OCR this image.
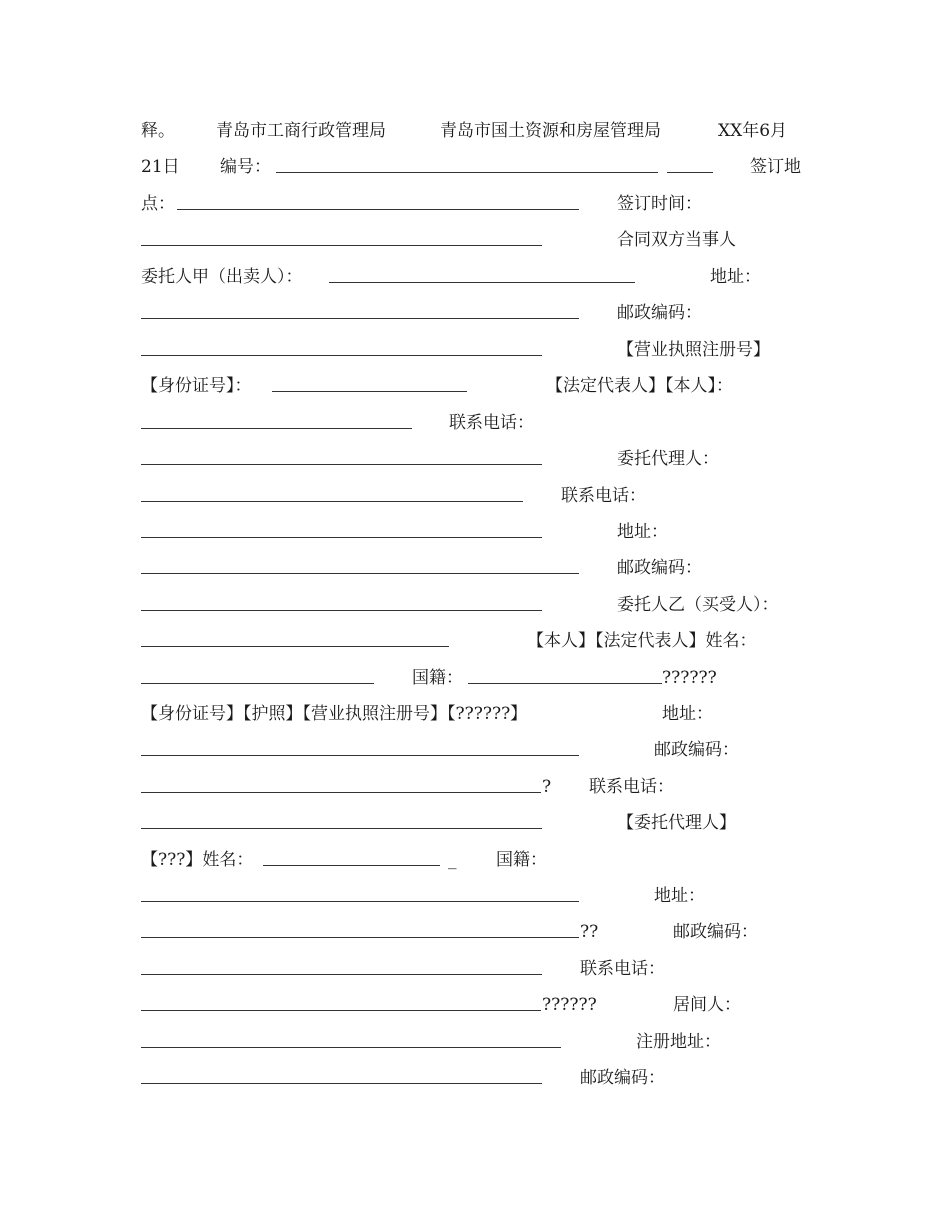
释。 青岛市工商行政管理局	青岛市国土资源和房屋管理局	XX年6月
21日 编号：	签订地
点：	签订时间：
合同双方当事人
委托人甲（出卖人）：	地址：
邮政编码：
【营业执照注册号】
【身份证号】：	【法定代表人】【本人】：
联系电话：
委托代理人：
联系电话：
地址：
邮政编码：
委托人乙（买受人）：
【本人】【法定代表人】姓名：
国籍：	??????
【身份证号】【护照】【营业执照注册号】【??????】	地址：
邮政编码：
? 联系电话：
【委托代理人】
【???】姓名：	_ 国籍：
地址：
??	邮政编码：
联系电话：
??????	居间人：
注册地址：
邮政编码：
